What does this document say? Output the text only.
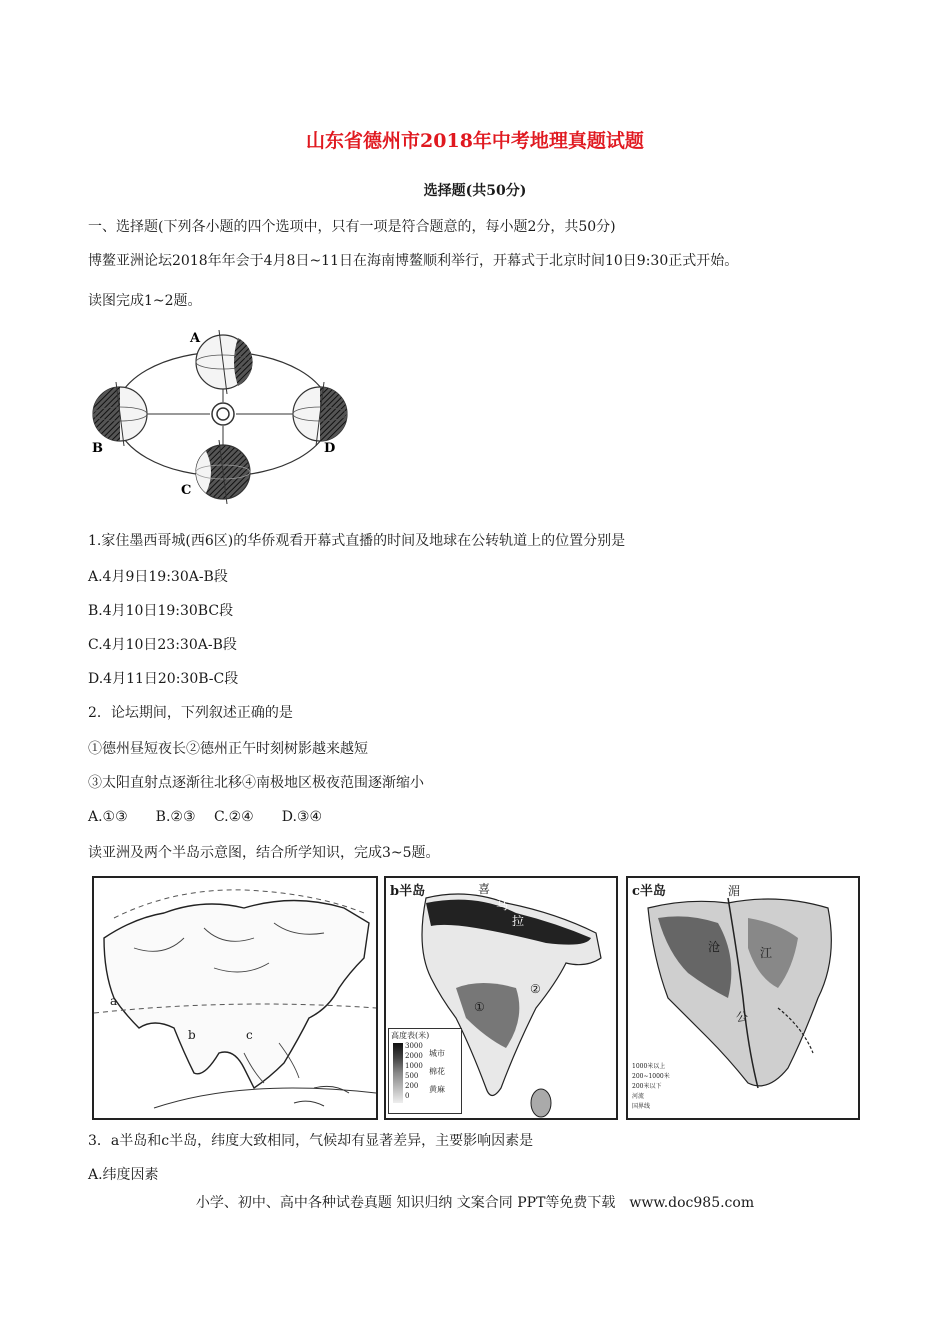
山东省德州市2018年中考地理真题试题
选择题(共50分)
一、选择题(下列各小题的四个选项中，只有一项是符合题意的，每小题2分，共50分)
博鳌亚洲论坛2018年年会于4月8日~11日在海南博鳌顺利举行，开幕式于北京时间10日9:30正式开始。
读图完成1~2题。
A
B
C
D
1.家住墨西哥城(西6区)的华侨观看开幕式直播的时间及地球在公转轨道上的位置分别是
A.4月9日19:30A-B段
B.4月10日19:30BC段
C.4月10日23:30A-B段
D.4月11日20:30B-C段
2．论坛期间，下列叙述正确的是
①德州昼短夜长②德州正午时刻树影越来越短
③太阳直射点逐渐往北移④南极地区极夜范围逐渐缩小
A.①③　　B.②③　 C.②④　　D.③④
读亚洲及两个半岛示意图，结合所学知识，完成3~5题。
a
b	c
b半岛	喜
马
拉
①
②
高度表(米)
3000
2000
1000
500
200
0
城市
棉花
黄麻
c半岛	湄
沧	江
公
1000米以上
200~1000米
200米以下
河流
国界线
3．a半岛和c半岛，纬度大致相同，气候却有显著差异，主要影响因素是
A.纬度因素
小学、初中、高中各种试卷真题 知识归纳 文案合同 PPT等免费下载　www.doc985.com
